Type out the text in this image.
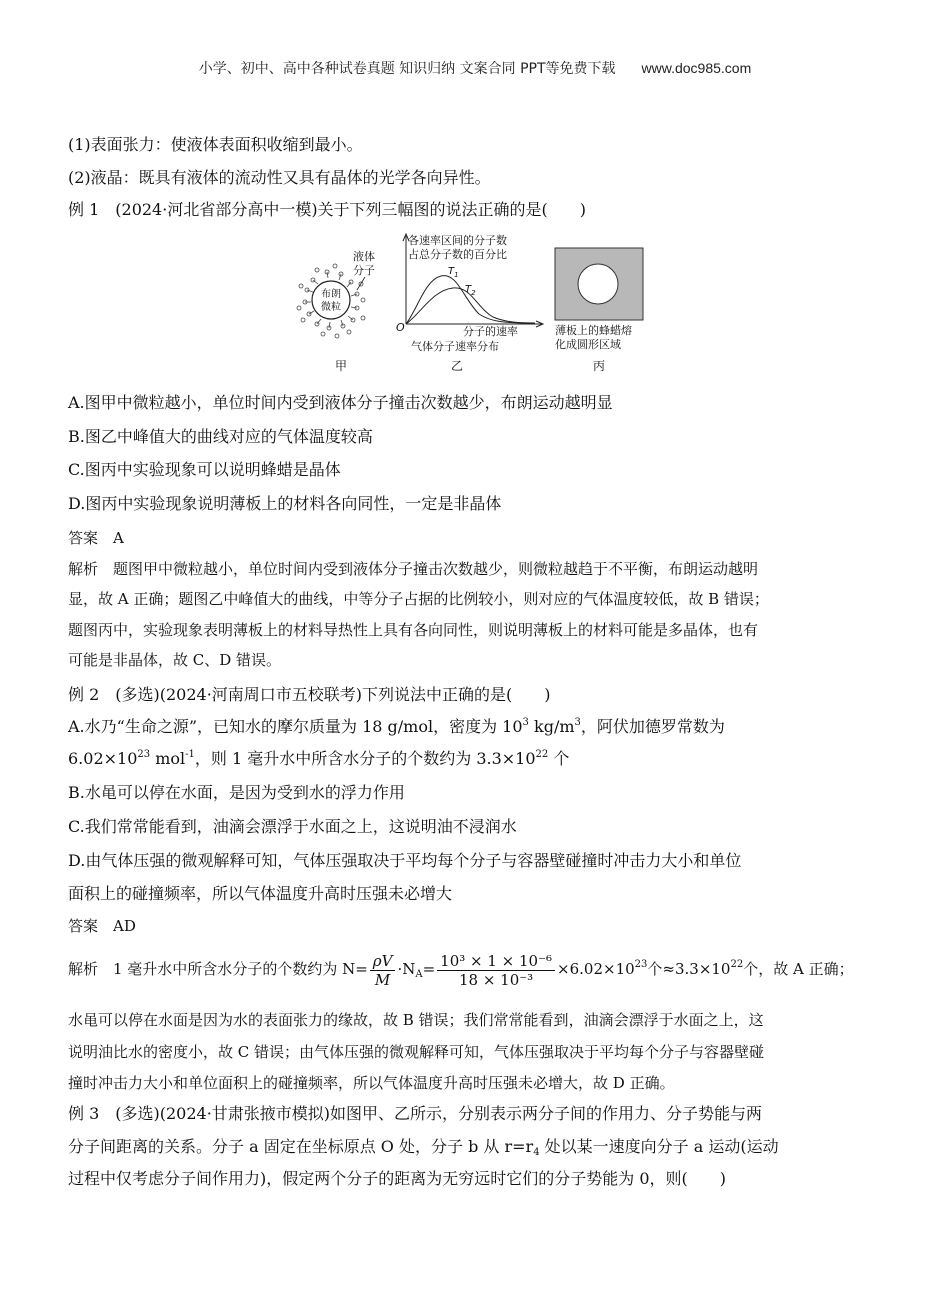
小学、初中、高中各种试卷真题 知识归纳 文案合同 PPT等免费下载 www.doc985.com
(1)表面张力：使液体表面积收缩到最小。
(2)液晶：既具有液体的流动性又具有晶体的光学各向异性。
例 1　(2024·河北省部分高中一模)关于下列三幅图的说法正确的是(　　)
布朗
微粒
液体
分子
甲
各速率区间的分子数
占总分子数的百分比
$T_1$
$T_2$
O	分子的速率
气体分子速率分布
乙
薄板上的蜂蜡熔
化成圆形区域
丙
A.图甲中微粒越小，单位时间内受到液体分子撞击次数越少，布朗运动越明显
B.图乙中峰值大的曲线对应的气体温度较高
C.图丙中实验现象可以说明蜂蜡是晶体
D.图丙中实验现象说明薄板上的材料各向同性，一定是非晶体
答案　A
解析　题图甲中微粒越小，单位时间内受到液体分子撞击次数越少，则微粒越趋于不平衡，布朗运动越明
显，故 A 正确；题图乙中峰值大的曲线，中等分子占据的比例较小，则对应的气体温度较低，故 B 错误；
题图丙中，实验现象表明薄板上的材料导热性上具有各向同性，则说明薄板上的材料可能是多晶体，也有
可能是非晶体，故 C、D 错误。
例 2　(多选)(2024·河南周口市五校联考)下列说法中正确的是(　　)
A.水乃“生命之源”，已知水的摩尔质量为 18 g/mol，密度为 $10^3$ $kg/m^3$，阿伏加德罗常数为
$6.02\times 10^{23}$ mol$^{-1}$，则 1 毫升水中所含水分子的个数约为 $3.3\times 10^{22}$ 个
B.水黾可以停在水面，是因为受到水的浮力作用
C.我们常常能看到，油滴会漂浮于水面之上，这说明油不浸润水
D.由气体压强的微观解释可知，气体压强取决于平均每个分子与容器壁碰撞时冲击力大小和单位
面积上的碰撞频率，所以气体温度升高时压强未必增大
答案　AD
解析　1 毫升水中所含水分子的个数约为 $N= \frac{\rho V}{M} \cdot N_A= \frac{\text{10³ × 1 × 10⁻⁶}}{\text{18 × 10⁻³}} \times 6.02\times 10^{23}$个$\approx 3.3\times 10^{22}$个，故 A 正确；
水黾可以停在水面是因为水的表面张力的缘故，故 B 错误；我们常常能看到，油滴会漂浮于水面之上，这
说明油比水的密度小，故 C 错误；由气体压强的微观解释可知，气体压强取决于平均每个分子与容器壁碰
撞时冲击力大小和单位面积上的碰撞频率，所以气体温度升高时压强未必增大，故 D 正确。
例 3　(多选)(2024·甘肃张掖市模拟)如图甲、乙所示，分别表示两分子间的作用力、分子势能与两
分子间距离的关系。分子 a 固定在坐标原点 O 处，分子 b 从 $r=r_4$ 处以某一速度向分子 a 运动(运动
过程中仅考虑分子间作用力)，假定两个分子的距离为无穷远时它们的分子势能为 0，则(　　)
